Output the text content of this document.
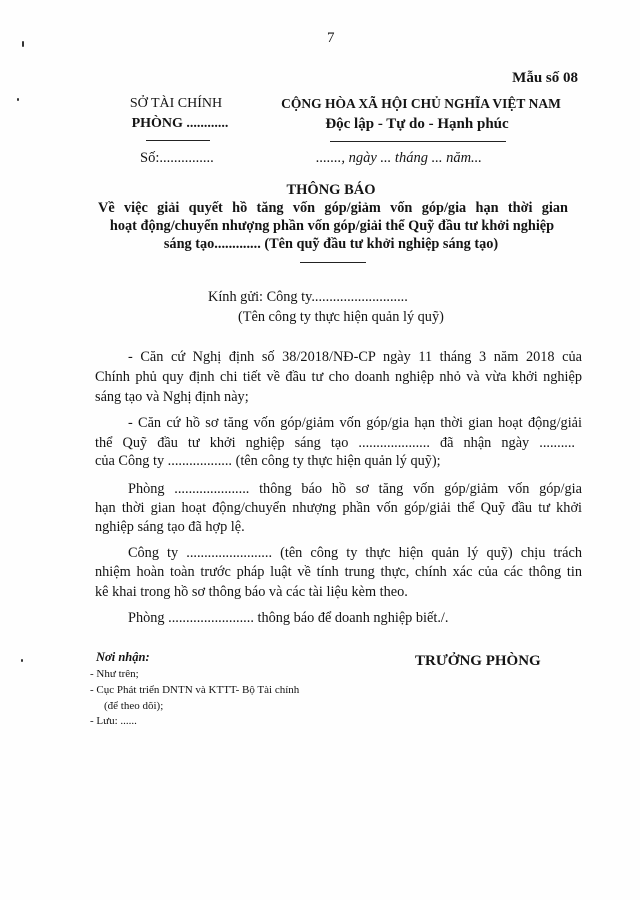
7
Mẫu số 08
SỞ TÀI CHÍNH
PHÒNG ............
Số:...............
CỘNG HÒA XÃ HỘI CHỦ NGHĨA VIỆT NAM
Độc lập - Tự do - Hạnh phúc
......., ngày ... tháng ... năm...
THÔNG BÁO
Về việc giải quyết hồ tăng vốn góp/giảm vốn góp/gia hạn thời gian
hoạt động/chuyển nhượng phần vốn góp/giải thể Quỹ đầu tư khởi nghiệp
sáng tạo............. (Tên quỹ đầu tư khởi nghiệp sáng tạo)
Kính gửi: Công ty...........................
(Tên công ty thực hiện quản lý quỹ)
- Căn cứ Nghị định số 38/2018/NĐ-CP ngày 11 tháng 3 năm 2018 của
Chính phủ quy định chi tiết về đầu tư cho doanh nghiệp nhỏ và vừa khởi nghiệp
sáng tạo và Nghị định này;
- Căn cứ hồ sơ tăng vốn góp/giảm vốn góp/gia hạn thời gian hoạt động/giải
thể Quỹ đầu tư khởi nghiệp sáng tạo .................... đã nhận ngày ..........
của Công ty .................. (tên công ty thực hiện quản lý quỹ);
Phòng ..................... thông báo hồ sơ tăng vốn góp/giảm vốn góp/gia
hạn thời gian hoạt động/chuyển nhượng phần vốn góp/giải thể Quỹ đầu tư khởi
nghiệp sáng tạo đã hợp lệ.
Công ty ........................ (tên công ty thực hiện quản lý quỹ) chịu trách
nhiệm hoàn toàn trước pháp luật về tính trung thực, chính xác của các thông tin
kê khai trong hồ sơ thông báo và các tài liệu kèm theo.
Phòng ........................ thông báo để doanh nghiệp biết./.
Nơi nhận:
- Như trên;
- Cục Phát triển DNTN và KTTT- Bộ Tài chính
(để theo dõi);
- Lưu: ......
TRƯỞNG PHÒNG
